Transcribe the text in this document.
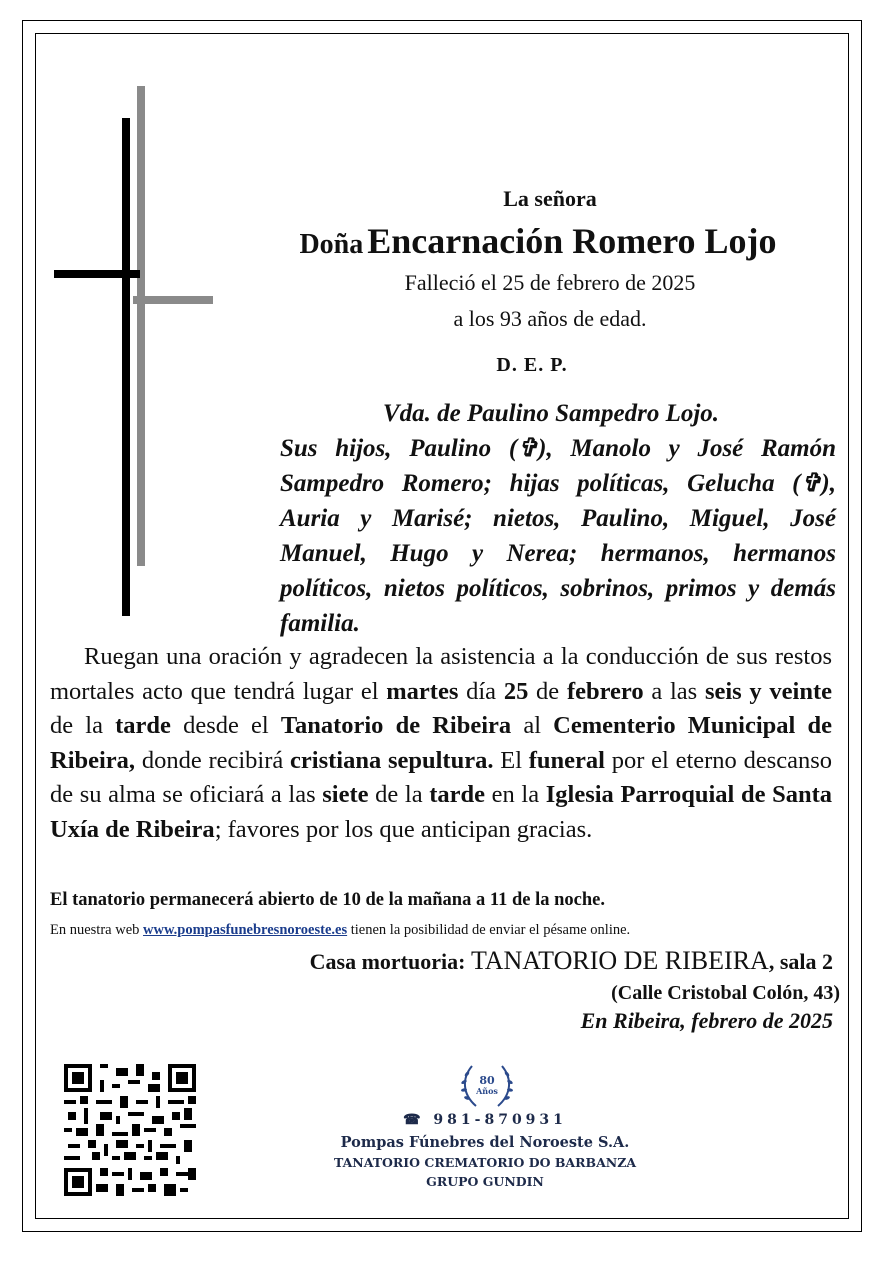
La señora
Doña Encarnación Romero Lojo
Falleció el 25 de febrero de 2025
a los 93 años de edad.
D. E. P.
Vda. de Paulino Sampedro Lojo.
Sus hijos, Paulino (✞), Manolo y José Ramón Sampedro Romero; hijas políticas, Gelucha (✞), Auria y Marisé; nietos, Paulino, Miguel, José Manuel, Hugo y Nerea; hermanos, hermanos políticos, nietos políticos, sobrinos, primos y demás familia.
Ruegan una oración y agradecen la asistencia a la conducción de sus restos mortales acto que tendrá lugar el martes día 25 de febrero a las seis y veinte de la tarde desde el Tanatorio de Ribeira al Cementerio Municipal de Ribeira, donde recibirá cristiana sepultura. El funeral por el eterno descanso de su alma se oficiará a las siete de la tarde en la Iglesia Parroquial de Santa Uxía de Ribeira; favores por los que anticipan gracias.
El tanatorio permanecerá abierto de 10 de la mañana a 11 de la noche.
En nuestra web www.pompasfunebresnoroeste.es tienen la posibilidad de enviar el pésame online.
Casa mortuoria: TANATORIO DE RIBEIRA, sala 2
(Calle Cristobal Colón, 43)
En Ribeira, febrero de 2025
80
Años
☎ 981-870931
Pompas Fúnebres del Noroeste S.A.
TANATORIO CREMATORIO DO BARBANZA
GRUPO GUNDIN
